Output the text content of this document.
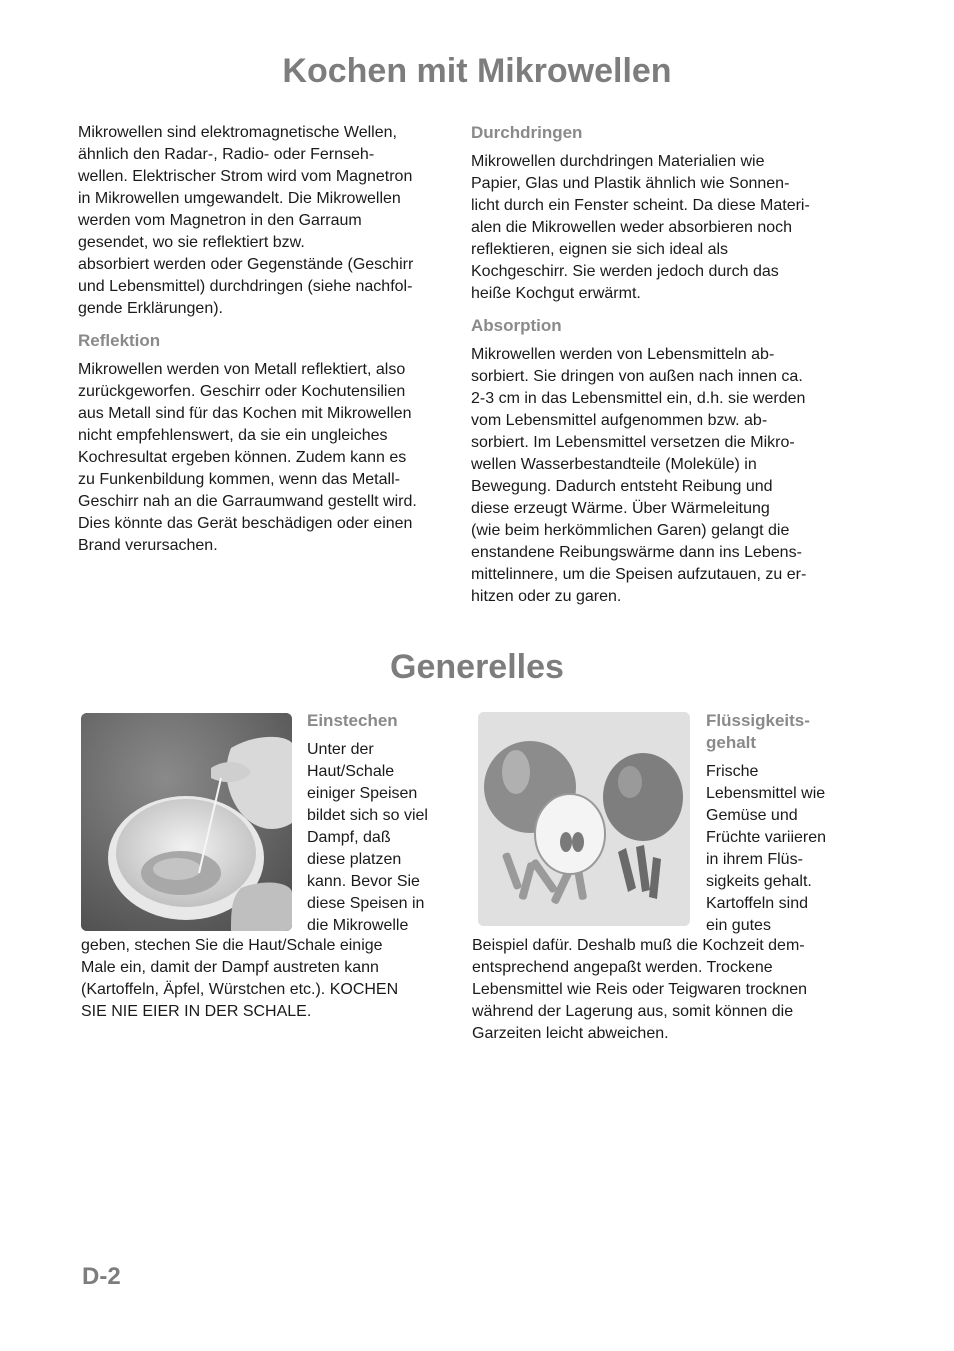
Kochen mit Mikrowellen

Mikrowellen sind elektromagnetische Wellen,
ähnlich den Radar-, Radio- oder Fernseh-
wellen. Elektrischer Strom wird vom Magnetron
in Mikrowellen umgewandelt. Die Mikrowellen
werden vom Magnetron in den Garraum
gesendet, wo sie reflektiert bzw.
absorbiert werden oder Gegenstände (Geschirr
und Lebensmittel) durchdringen (siehe nachfol-
gende Erklärungen).

Reflektion

Mikrowellen werden von Metall reflektiert, also
zurückgeworfen. Geschirr oder Kochutensilien
aus Metall sind für das Kochen mit Mikrowellen
nicht empfehlenswert, da sie ein ungleiches
Kochresultat ergeben können. Zudem kann es
zu Funkenbildung kommen, wenn das Metall-
Geschirr nah an die Garraumwand gestellt wird.
Dies könnte das Gerät beschädigen oder einen
Brand verursachen.

Durchdringen

Mikrowellen durchdringen Materialien wie
Papier, Glas und Plastik ähnlich wie Sonnen-
licht durch ein Fenster scheint. Da diese Materi-
alen die Mikrowellen weder absorbieren noch
reflektieren, eignen sie sich ideal als
Kochgeschirr. Sie werden jedoch durch das
heiße Kochgut erwärmt.

Absorption

Mikrowellen werden von Lebensmitteln ab-
sorbiert. Sie dringen von außen nach innen ca.
2-3 cm in das Lebensmittel ein, d.h. sie werden
vom Lebensmittel aufgenommen bzw. ab-
sorbiert. Im Lebensmittel versetzen die Mikro-
wellen Wasserbestandteile (Moleküle) in
Bewegung. Dadurch entsteht Reibung und
diese erzeugt Wärme. Über Wärmeleitung
(wie beim herkömmlichen Garen) gelangt die
enstandene Reibungswärme dann ins Lebens-
mittelinnere, um die Speisen aufzutauen, zu er-
hitzen oder zu garen.

Generelles
Einstechen

Unter der
Haut/Schale
einiger Speisen
bildet sich so viel
Dampf, daß
diese platzen
kann. Bevor Sie
diese Speisen in
die Mikrowelle

geben, stechen Sie die Haut/Schale einige
Male ein, damit der Dampf austreten kann
(Kartoffeln, Äpfel, Würstchen etc.). KOCHEN
SIE NIE EIER IN DER SCHALE.

Flüssigkeits-
gehalt

Frische
Lebensmittel wie
Gemüse und
Früchte variieren
in ihrem Flüs-
sigkeits gehalt.
Kartoffeln sind
ein gutes

Beispiel dafür. Deshalb muß die Kochzeit dem-
entsprechend angepaßt werden. Trockene
Lebensmittel wie Reis oder Teigwaren trocknen
während der Lagerung aus, somit können die
Garzeiten leicht abweichen.

D-2
